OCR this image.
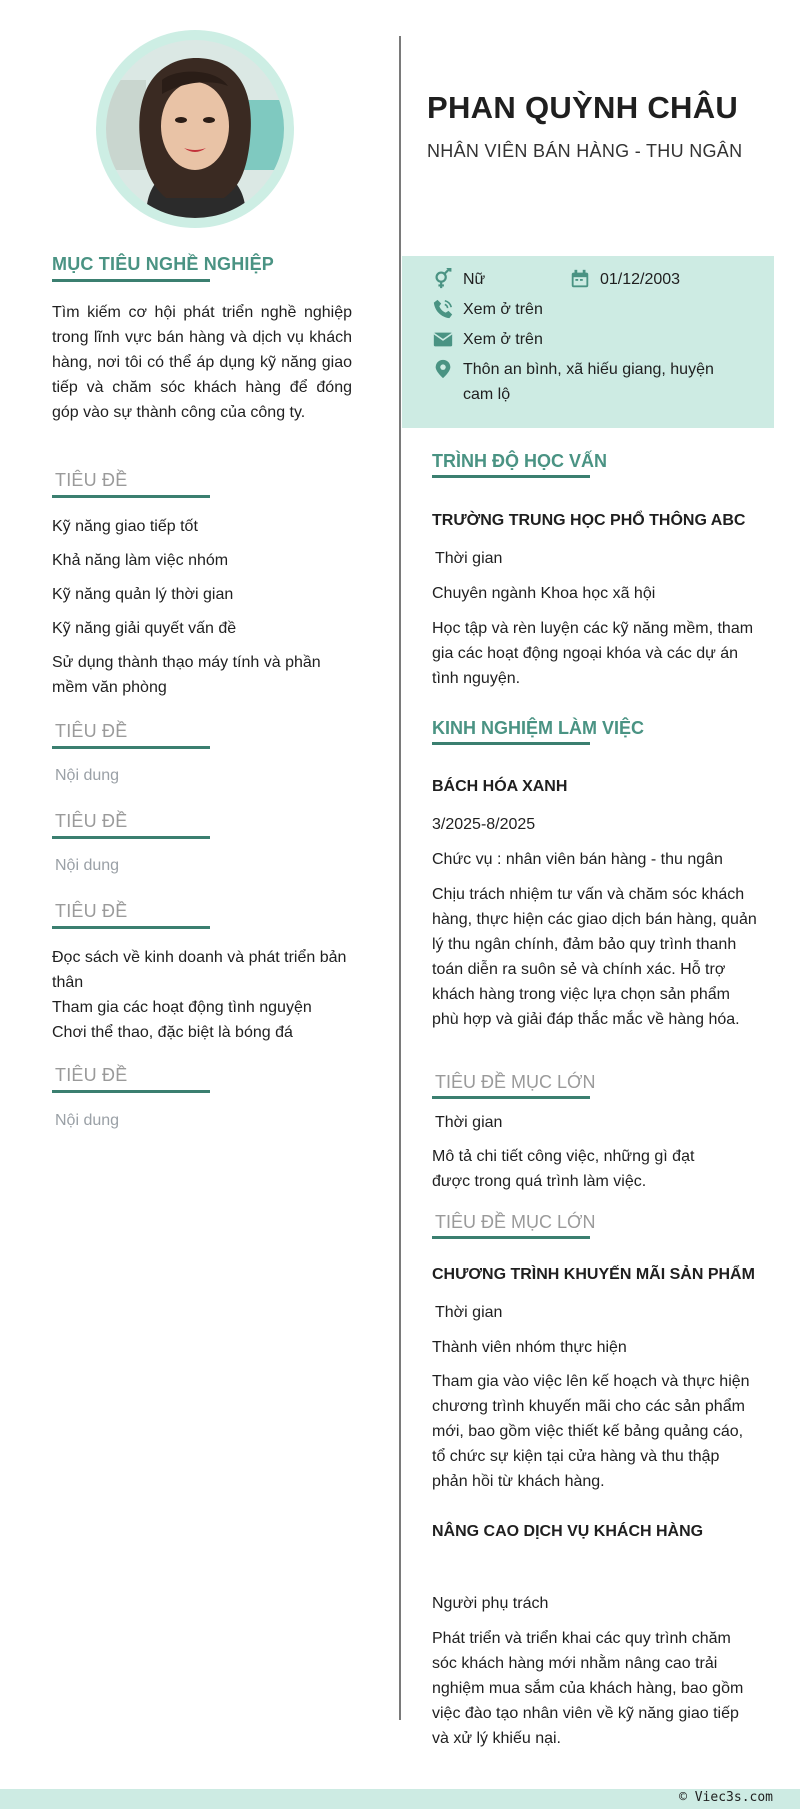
MỤC TIÊU NGHỀ NGHIỆP
Tìm kiếm cơ hội phát triển nghề nghiệp trong lĩnh vực bán hàng và dịch vụ khách hàng, nơi tôi có thể áp dụng kỹ năng giao tiếp và chăm sóc khách hàng để đóng góp vào sự thành công của công ty.
TIÊU ĐỀ
Kỹ năng giao tiếp tốt
Khả năng làm việc nhóm
Kỹ năng quản lý thời gian
Kỹ năng giải quyết vấn đề
Sử dụng thành thạo máy tính và phần mềm văn phòng
TIÊU ĐỀ
Nội dung
TIÊU ĐỀ
Nội dung
TIÊU ĐỀ
Đọc sách về kinh doanh và phát triển bản thân
Tham gia các hoạt động tình nguyện
Chơi thể thao, đặc biệt là bóng đá
TIÊU ĐỀ
Nội dung
PHAN QUỲNH CHÂU
NHÂN VIÊN BÁN HÀNG - THU NGÂN
Nữ	01/12/2003
Xem ở trên
Xem ở trên
Thôn an bình, xã hiếu giang, huyện cam lộ
TRÌNH ĐỘ HỌC VẤN
TRƯỜNG TRUNG HỌC PHỔ THÔNG ABC
Thời gian
Chuyên ngành Khoa học xã hội
Học tập và rèn luyện các kỹ năng mềm, tham gia các hoạt động ngoại khóa và các dự án tình nguyện.
KINH NGHIỆM LÀM VIỆC
BÁCH HÓA XANH
3/2025-8/2025
Chức vụ : nhân viên bán hàng - thu ngân
Chịu trách nhiệm tư vấn và chăm sóc khách hàng, thực hiện các giao dịch bán hàng, quản lý thu ngân chính, đảm bảo quy trình thanh toán diễn ra suôn sẻ và chính xác. Hỗ trợ khách hàng trong việc lựa chọn sản phẩm phù hợp và giải đáp thắc mắc về hàng hóa.
TIÊU ĐỀ MỤC LỚN
Thời gian
Mô tả chi tiết công việc, những gì đạt được trong quá trình làm việc.
TIÊU ĐỀ MỤC LỚN
CHƯƠNG TRÌNH KHUYẾN MÃI SẢN PHẨM
Thời gian
Thành viên nhóm thực hiện
Tham gia vào việc lên kế hoạch và thực hiện chương trình khuyến mãi cho các sản phẩm mới, bao gồm việc thiết kế bảng quảng cáo, tổ chức sự kiện tại cửa hàng và thu thập phản hồi từ khách hàng.
NÂNG CAO DỊCH VỤ KHÁCH HÀNG
Người phụ trách
Phát triển và triển khai các quy trình chăm sóc khách hàng mới nhằm nâng cao trải nghiệm mua sắm của khách hàng, bao gồm việc đào tạo nhân viên về kỹ năng giao tiếp và xử lý khiếu nại.
© Viec3s.com
